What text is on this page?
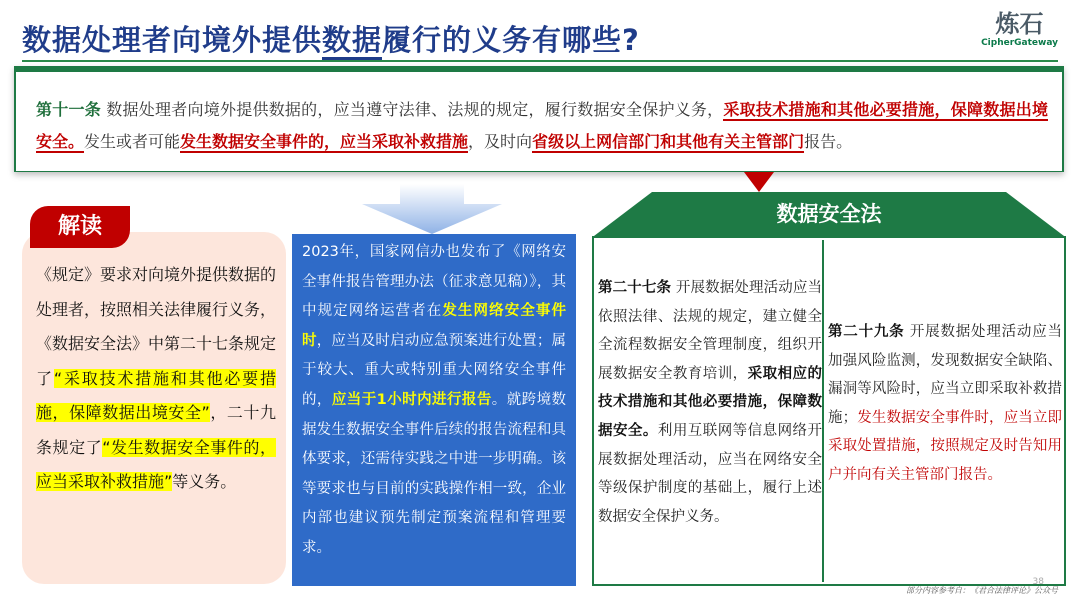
数据处理者向境外提供数据履行的义务有哪些?	炼石
CipherGateway
第十一条 数据处理者向境外提供数据的，应当遵守法律、法规的规定，履行数据安全保护义务，采取技术措施和其他必要措施，保障数据出境安全。发生或者可能发生数据安全事件的，应当采取补救措施，及时向省级以上网信部门和其他有关主管部门报告。
解读
《规定》要求对向境外提供数据的处理者，按照相关法律履行义务，《数据安全法》中第二十七条规定了“采取技术措施和其他必要措施，保障数据出境安全”，二十九条规定了“发生数据安全事件的，应当采取补救措施”等义务。
2023年，国家网信办也发布了《网络安全事件报告管理办法（征求意见稿）》，其中规定网络运营者在发生网络安全事件时，应当及时启动应急预案进行处置；属于较大、重大或特别重大网络安全事件的，应当于1小时内进行报告。就跨境数据发生数据安全事件后续的报告流程和具体要求，还需待实践之中进一步明确。该等要求也与目前的实践操作相一致，企业内部也建议预先制定预案流程和管理要求。
数据安全法
第二十七条 开展数据处理活动应当依照法律、法规的规定，建立健全全流程数据安全管理制度，组织开展数据安全教育培训，采取相应的技术措施和其他必要措施，保障数据安全。利用互联网等信息网络开展数据处理活动，应当在网络安全等级保护制度的基础上，履行上述数据安全保护义务。
第二十九条 开展数据处理活动应当加强风险监测，发现数据安全缺陷、漏洞等风险时，应当立即采取补救措施；发生数据安全事件时，应当立即采取处置措施，按照规定及时告知用户并向有关主管部门报告。
38
部分内容参考自：《君合法律评论》公众号
